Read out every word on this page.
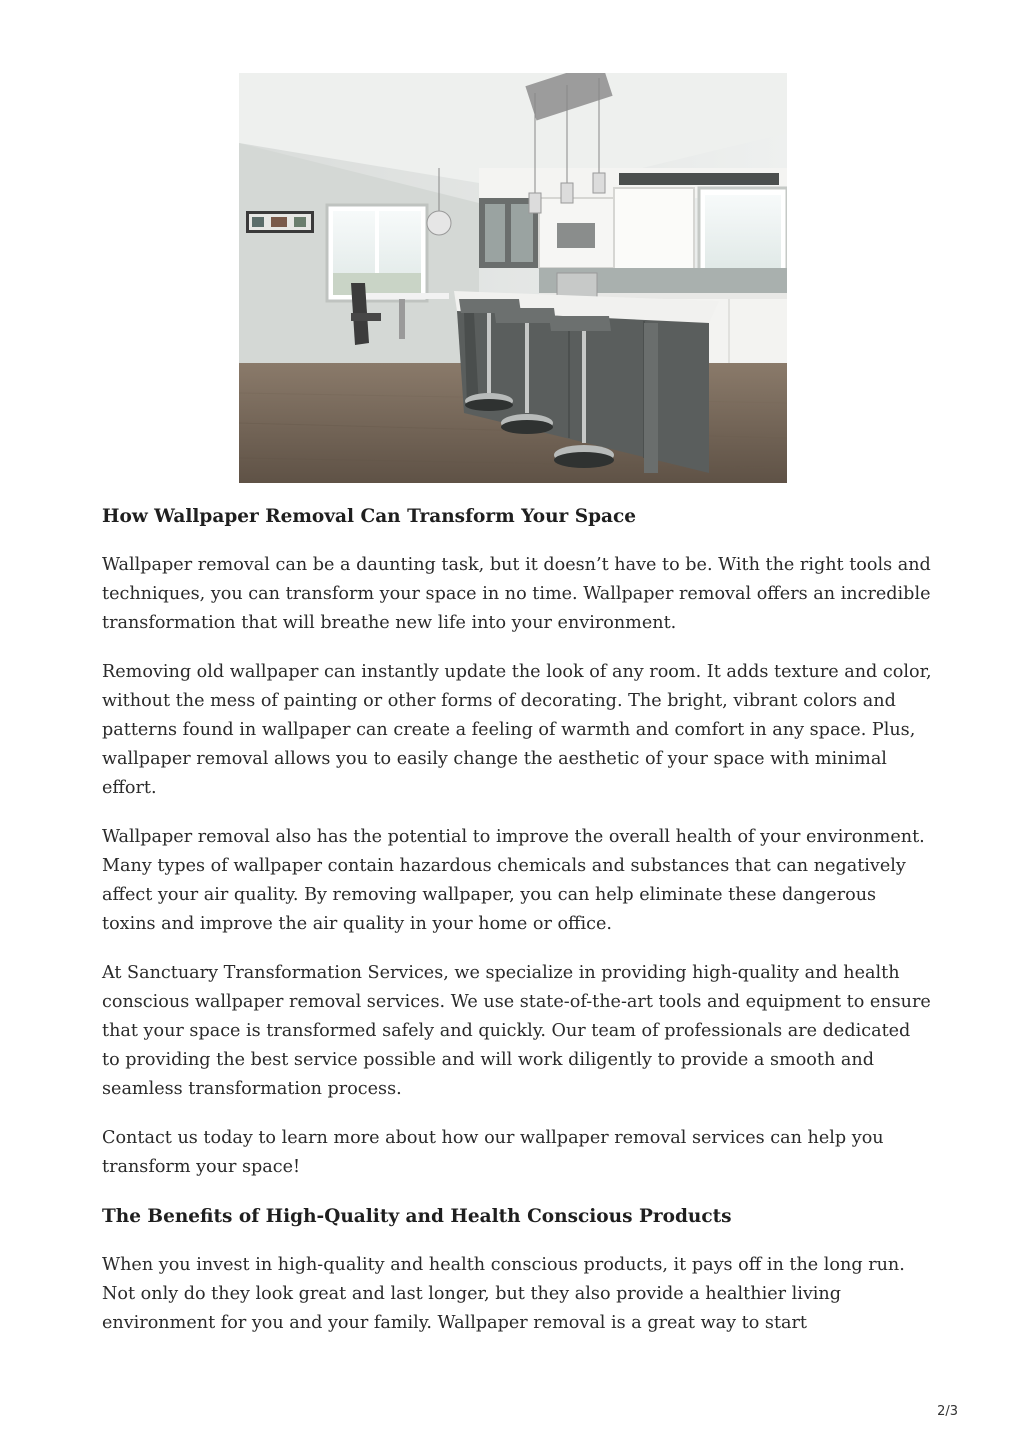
How Wallpaper Removal Can Transform Your Space

Wallpaper removal can be a daunting task, but it doesn’t have to be. With the right tools and techniques, you can transform your space in no time. Wallpaper removal offers an incredible transformation that will breathe new life into your environment.

Removing old wallpaper can instantly update the look of any room. It adds texture and color, without the mess of painting or other forms of decorating. The bright, vibrant colors and patterns found in wallpaper can create a feeling of warmth and comfort in any space. Plus, wallpaper removal allows you to easily change the aesthetic of your space with minimal effort.

Wallpaper removal also has the potential to improve the overall health of your environment. Many types of wallpaper contain hazardous chemicals and substances that can negatively affect your air quality. By removing wallpaper, you can help eliminate these dangerous toxins and improve the air quality in your home or office.

At Sanctuary Transformation Services, we specialize in providing high-quality and health conscious wallpaper removal services. We use state-of-the-art tools and equipment to ensure that your space is transformed safely and quickly. Our team of professionals are dedicated to providing the best service possible and will work diligently to provide a smooth and seamless transformation process.

Contact us today to learn more about how our wallpaper removal services can help you transform your space!

The Benefits of High-Quality and Health Conscious Products

When you invest in high-quality and health conscious products, it pays off in the long run. Not only do they look great and last longer, but they also provide a healthier living environment for you and your family. Wallpaper removal is a great way to start

2/3
